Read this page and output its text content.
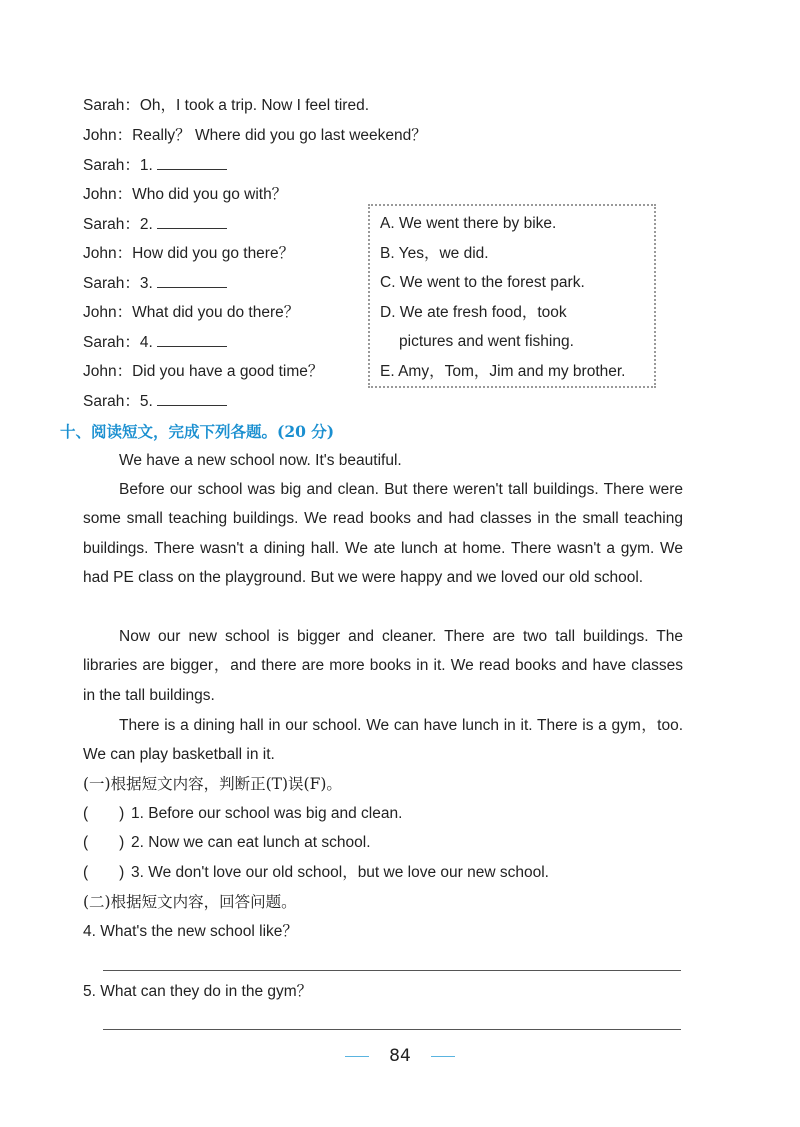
Sarah：Oh，I took a trip. Now I feel tired.
John：Really？ Where did you go last weekend？
Sarah：1.
John：Who did you go with？
Sarah：2.
John：How did you go there？
Sarah：3.
John：What did you do there？
Sarah：4.
John：Did you have a good time？
Sarah：5.
A. We went there by bike.
B. Yes，we did.
C. We went to the forest park.
D. We ate fresh food，took
pictures and went fishing.
E. Amy，Tom，Jim and my brother.
十、阅读短文，完成下列各题。(20 分)
We have a new school now. It's beautiful.
Before our school was big and clean. But there weren't tall buildings. There were some small teaching buildings. We read books and had classes in the small teaching buildings. There wasn't a dining hall. We ate lunch at home. There wasn't a gym. We had PE class on the playground. But we were happy and we loved our old school.
Now our new school is bigger and cleaner. There are two tall buildings. The libraries are bigger，and there are more books in it. We read books and have classes in the tall buildings.
There is a dining hall in our school. We can have lunch in it. There is a gym，too. We can play basketball in it.
(一)根据短文内容，判断正(T)误(F)。
(　　) 1. Before our school was big and clean.
(　　) 2. Now we can eat lunch at school.
(　　) 3. We don't love our old school，but we love our new school.
(二)根据短文内容，回答问题。
4. What's the new school like？
5. What can they do in the gym？
84
